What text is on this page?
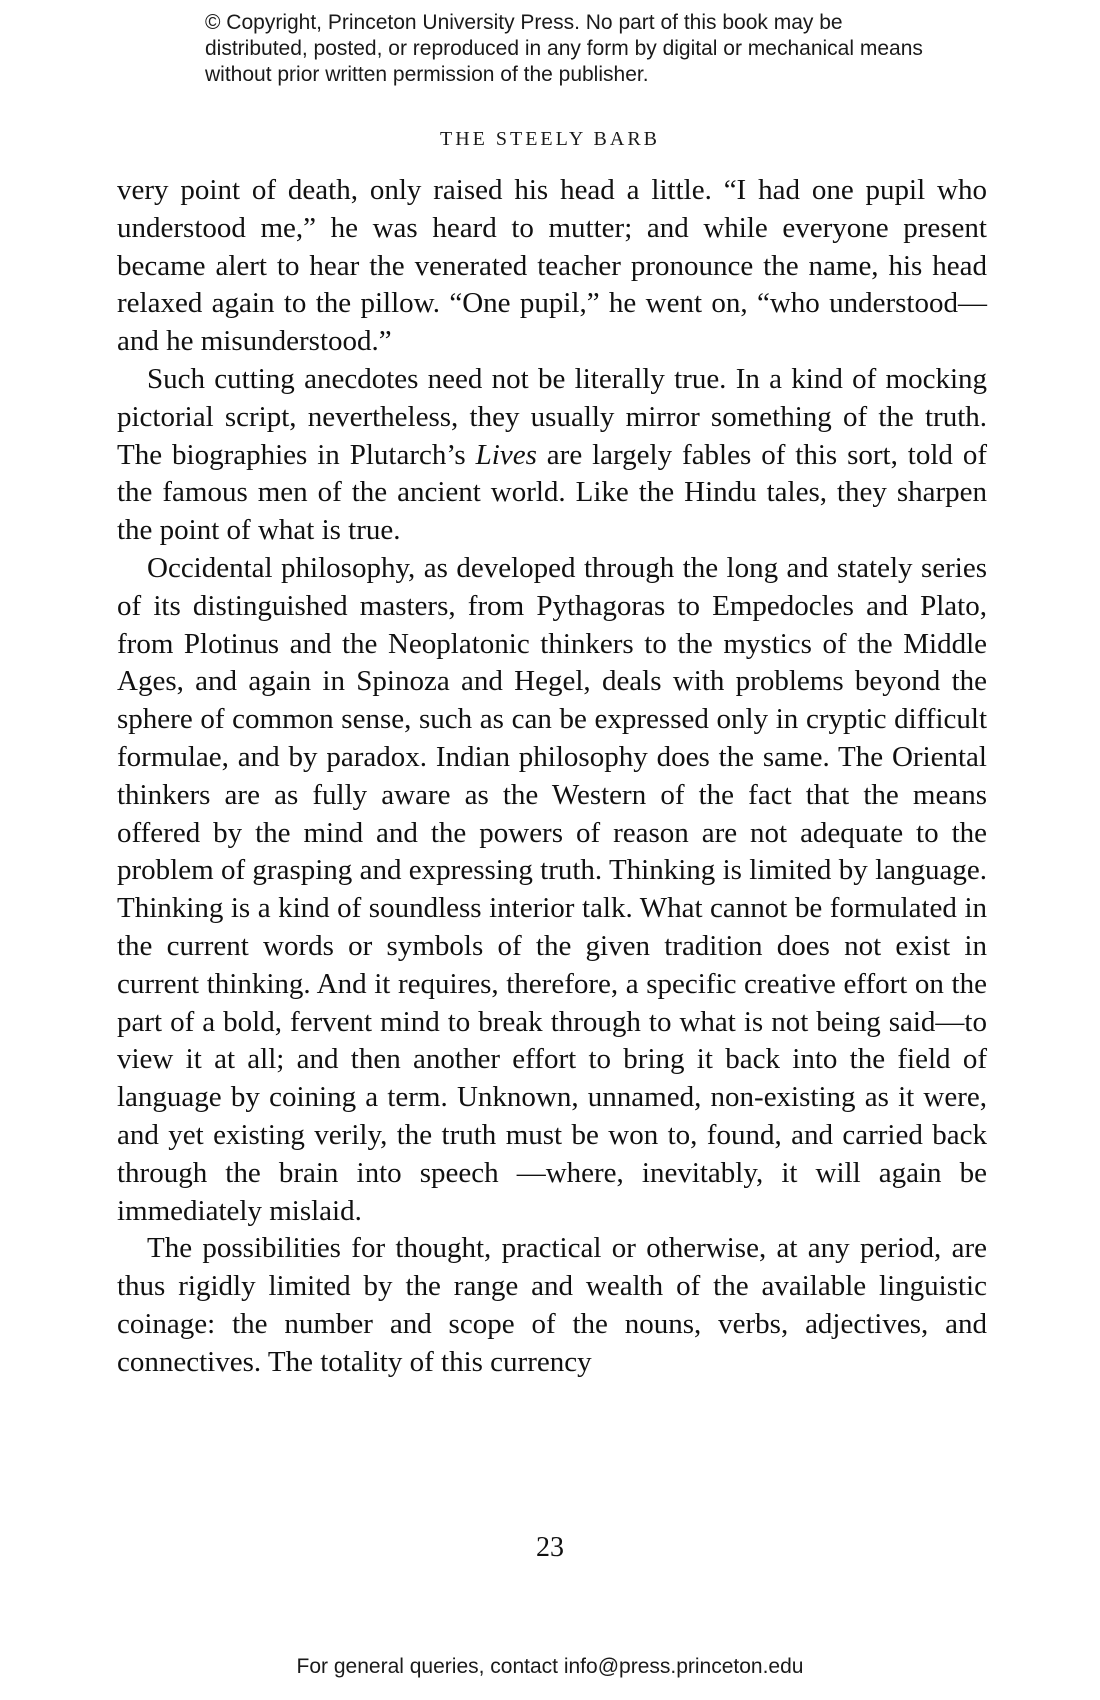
© Copyright, Princeton University Press. No part of this book may be distributed, posted, or reproduced in any form by digital or mechanical means without prior written permission of the publisher.
THE STEELY BARB

very point of death, only raised his head a little. “I had one pupil who understood me,” he was heard to mutter; and while everyone present became alert to hear the venerated teacher pronounce the name, his head relaxed again to the pillow. “One pupil,” he went on, “who understood—and he misunderstood.”

Such cutting anecdotes need not be literally true. In a kind of mocking pictorial script, nevertheless, they usually mirror something of the truth. The biographies in Plutarch’s Lives are largely fables of this sort, told of the famous men of the ancient world. Like the Hindu tales, they sharpen the point of what is true.

Occidental philosophy, as developed through the long and stately series of its distinguished masters, from Pythagoras to Empedocles and Plato, from Plotinus and the Neoplatonic thinkers to the mystics of the Middle Ages, and again in Spinoza and Hegel, deals with problems beyond the sphere of common sense, such as can be expressed only in cryptic difficult formulae, and by paradox. Indian philosophy does the same. The Oriental thinkers are as fully aware as the Western of the fact that the means offered by the mind and the powers of reason are not adequate to the problem of grasping and expressing truth. Thinking is limited by language. Thinking is a kind of soundless interior talk. What cannot be formulated in the current words or symbols of the given tradition does not exist in current thinking. And it requires, therefore, a specific creative effort on the part of a bold, fervent mind to break through to what is not being said—to view it at all; and then another effort to bring it back into the field of language by coining a term. Unknown, unnamed, non-existing as it were, and yet existing verily, the truth must be won to, found, and carried back through the brain into speech —where, inevitably, it will again be immediately mislaid.

The possibilities for thought, practical or otherwise, at any period, are thus rigidly limited by the range and wealth of the available linguistic coinage: the number and scope of the nouns, verbs, adjectives, and connectives. The totality of this currency

23
For general queries, contact info@press.princeton.edu
